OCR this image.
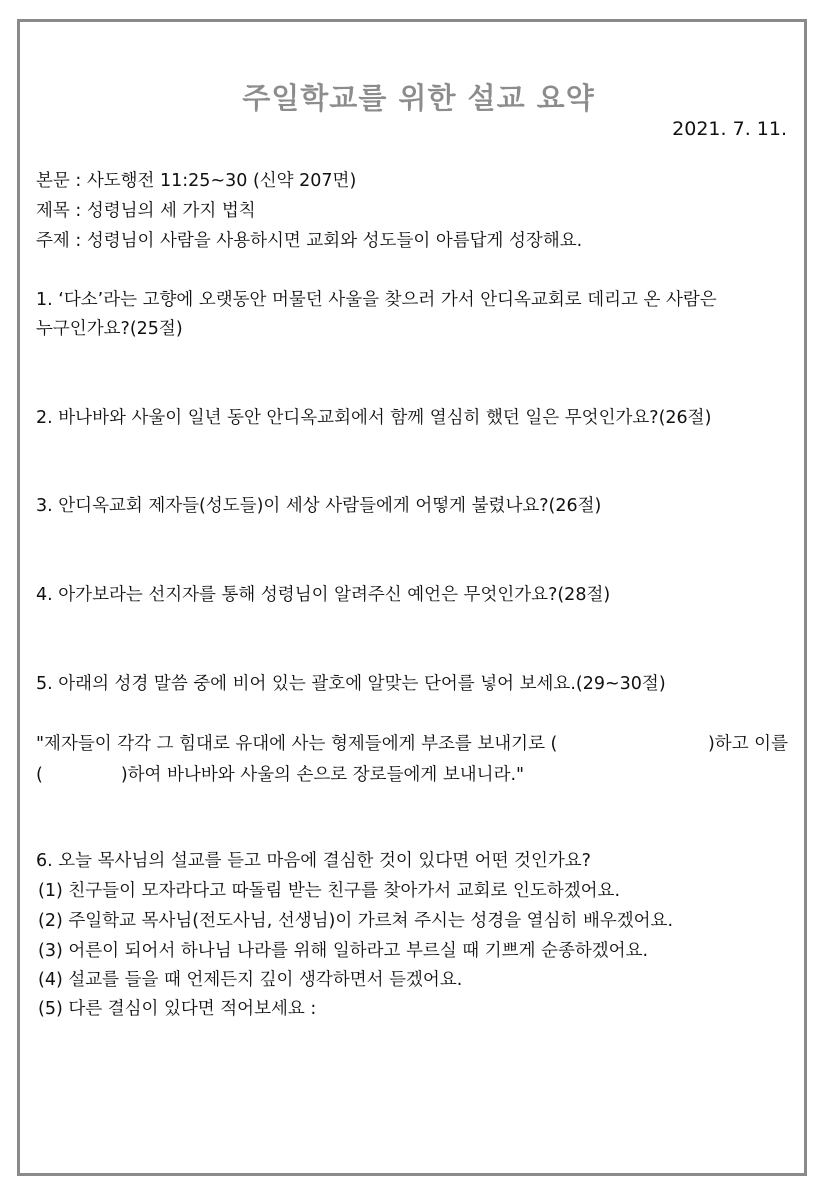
주일학교를 위한 설교 요약
2021. 7. 11.
본문 : 사도행전 11:25~30 (신약 207면)
제목 : 성령님의 세 가지 법칙
주제 : 성령님이 사람을 사용하시면 교회와 성도들이 아름답게 성장해요.
1. ‘다소’라는 고향에 오랫동안 머물던 사울을 찾으러 가서 안디옥교회로 데리고 온 사람은
누구인가요?(25절)
2. 바나바와 사울이 일년 동안 안디옥교회에서 함께 열심히 했던 일은 무엇인가요?(26절)
3. 안디옥교회 제자들(성도들)이 세상 사람들에게 어떻게 불렸나요?(26절)
4. 아가보라는 선지자를 통해 성령님이 알려주신 예언은 무엇인가요?(28절)
5. 아래의 성경 말씀 중에 비어 있는 괄호에 알맞는 단어를 넣어 보세요.(29~30절)
"제자들이 각각 그 힘대로 유대에 사는 형제들에게 부조를 보내기로 (	)하고 이를
(	)하여 바나바와 사울의 손으로 장로들에게 보내니라."
6. 오늘 목사님의 설교를 듣고 마음에 결심한 것이 있다면 어떤 것인가요?
(1) 친구들이 모자라다고 따돌림 받는 친구를 찾아가서 교회로 인도하겠어요.
(2) 주일학교 목사님(전도사님, 선생님)이 가르쳐 주시는 성경을 열심히 배우겠어요.
(3) 어른이 되어서 하나님 나라를 위해 일하라고 부르실 때 기쁘게 순종하겠어요.
(4) 설교를 들을 때 언제든지 깊이 생각하면서 듣겠어요.
(5) 다른 결심이 있다면 적어보세요 :
